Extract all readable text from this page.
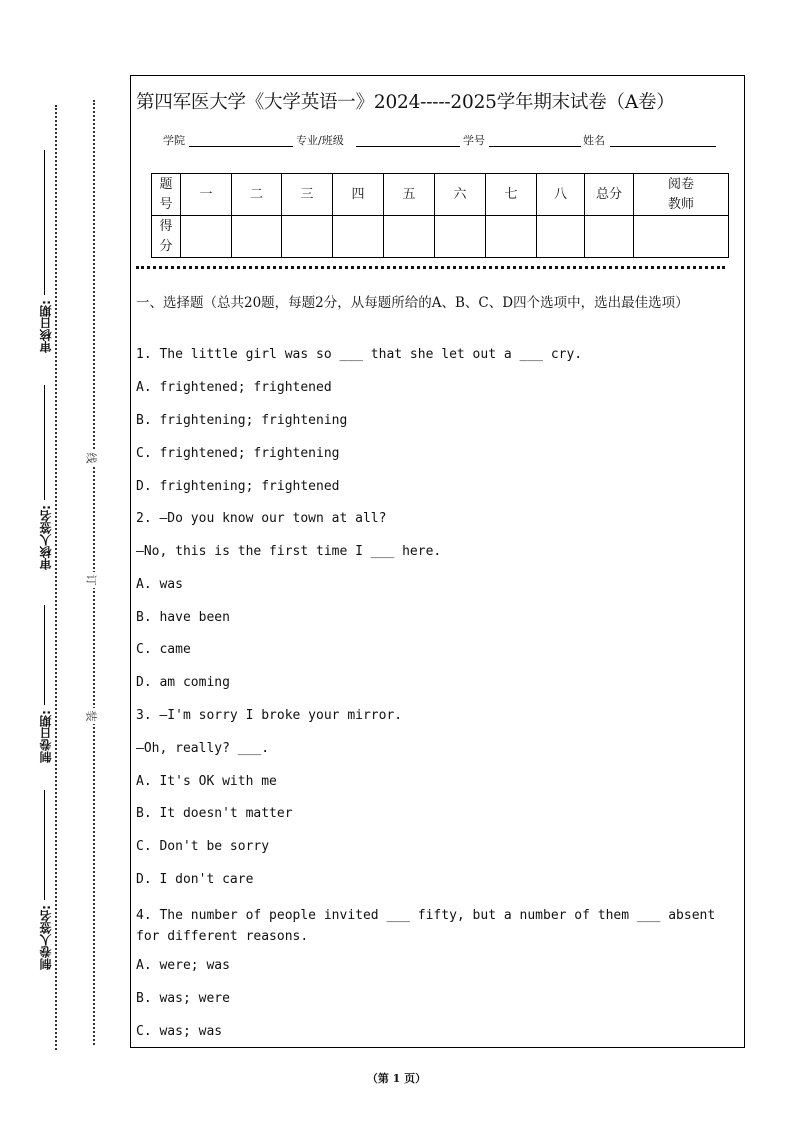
审核日期:
审核人签名:
制卷日期:
制卷人签名:
线
订
装
第四军医大学《大学英语一》2024-----2025学年期末试卷（A卷）
学院	专业/班级	学号	姓名
题号	一	二	三	四	五	六	七	八	总分	阅卷教师
得分										
一、选择题（总共20题，每题2分，从每题所给的A、B、C、D四个选项中，选出最佳选项）
1. The little girl was so ___ that she let out a ___ cry.
A. frightened; frightened
B. frightening; frightening
C. frightened; frightening
D. frightening; frightened
2. —Do you know our town at all?
—No, this is the first time I ___ here.
A. was
B. have been
C. came
D. am coming
3. —I'm sorry I broke your mirror.
—Oh, really? ___.
A. It's OK with me
B. It doesn't matter
C. Don't be sorry
D. I don't care
4. The number of people invited ___ fifty, but a number of them ___ absent for different reasons.
A. were; was
B. was; were
C. was; was
（第 1 页）
